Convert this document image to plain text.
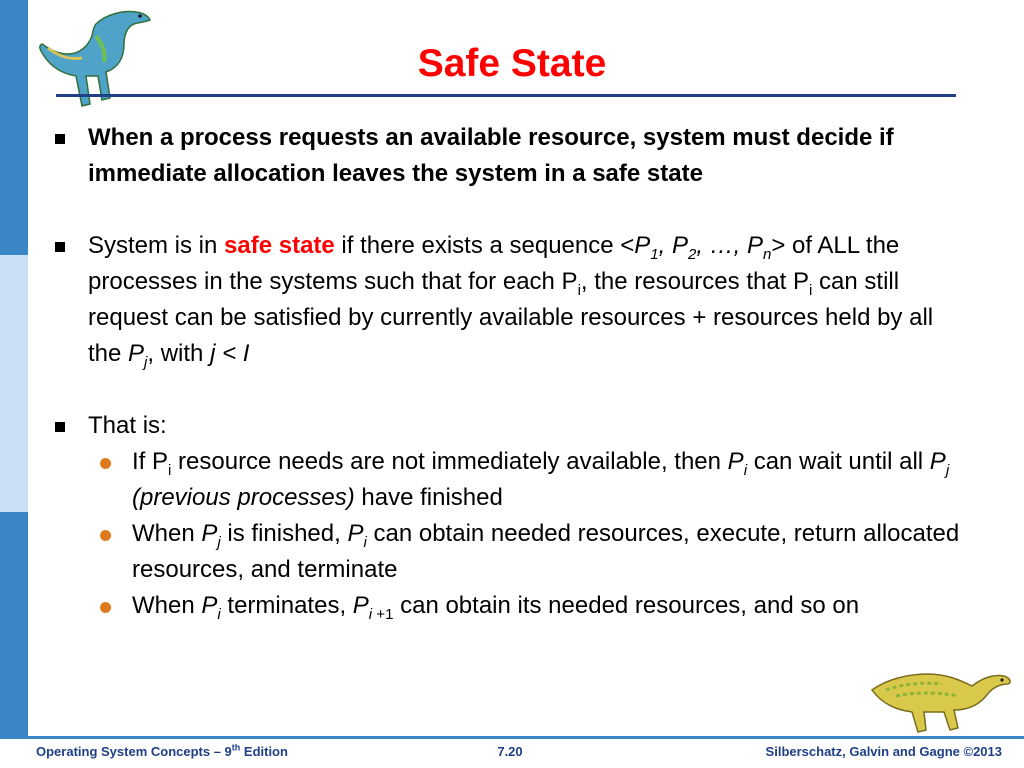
Safe State
When a process requests an available resource, system must decide if immediate allocation leaves the system in a safe state
System is in safe state if there exists a sequence $<P_1$, $P_2$, …, $P_n>$ of ALL the processes in the systems such that for each $P_i$, the resources that $P_i$ can still request can be satisfied by currently available resources + resources held by all the $P_j$, with j < I
That is:
If $P_i$ resource needs are not immediately available, then $P_i$ can wait until all $P_j$ (previous processes) have finished
When $P_j$ is finished, $P_i$ can obtain needed resources, execute, return allocated resources, and terminate
When $P_i$ terminates, $P_i$ $_{+1}$ can obtain its needed resources, and so on
Operating System Concepts – 9th Edition	7.20	Silberschatz, Galvin and Gagne ©2013
